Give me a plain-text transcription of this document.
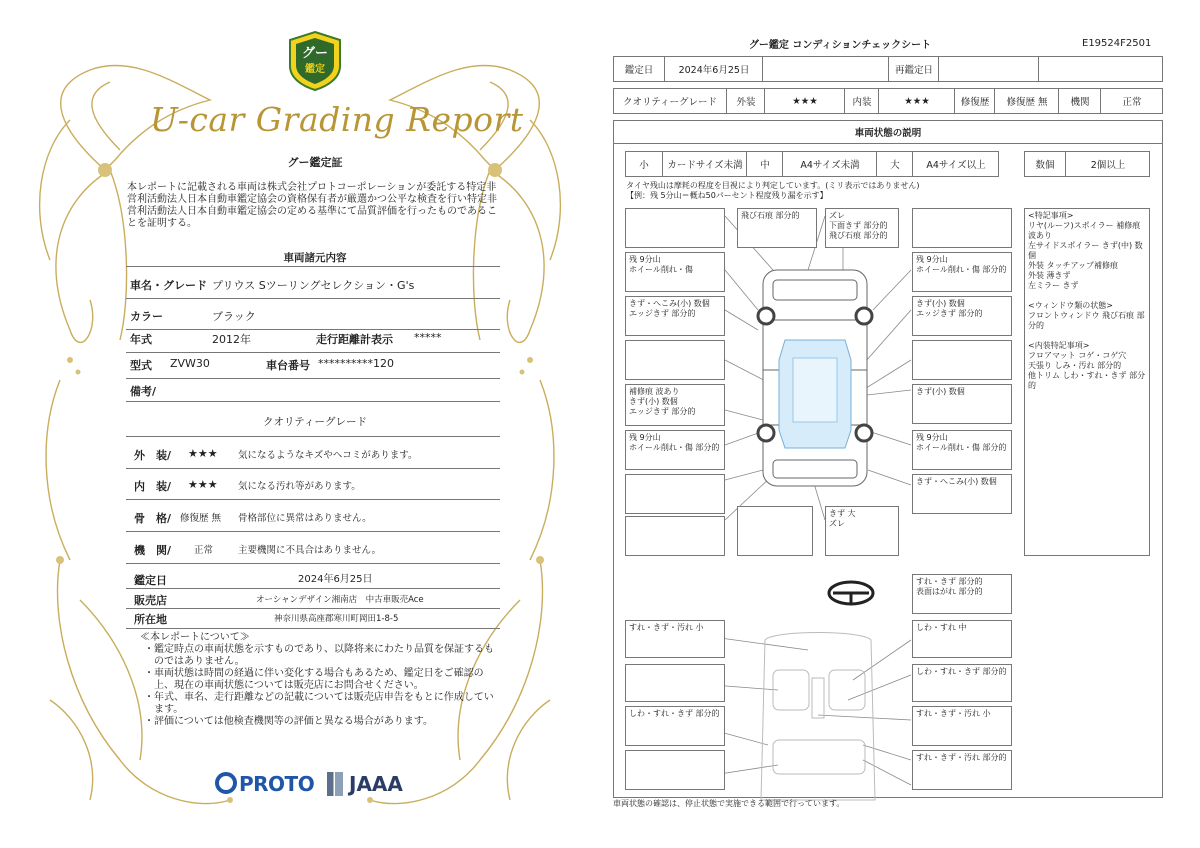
グー
鑑定
U-car Grading Report
グー鑑定証
本レポートに記載される車両は株式会社プロトコーポレーションが委託する特定非営利活動法人日本自動車鑑定協会の資格保有者が厳選かつ公平な検査を行い特定非営利活動法人日本自動車鑑定協会の定める基準にて品質評価を行ったものであることを証明する。
車両諸元内容
車名・グレード プリウス Sツーリングセレクション・G's
カラー	ブラック
年式	2012年	走行距離計表示 *****
型式 ZVW30	車台番号 **********120
備考/
クオリティーグレード
外　装/ ★★★ 気になるようなキズやヘコミがあります。
内　装/ ★★★ 気になる汚れ等があります。
骨　格/ 修復歴 無 骨格部位に異常はありません。
機　関/ 正常	主要機関に不具合はありません。
鑑定日	2024年6月25日
販売店	オーシャンデザイン湘南店　中古車販売Ace
所在地	神奈川県高座郡寒川町岡田1-8-5
≪本レポートについて≫
・鑑定時点の車両状態を示すものであり、以降将来にわたり品質を保証するものではありません。
・車両状態は時間の経過に伴い変化する場合もあるため、鑑定日をご確認の上、現在の車両状態については販売店にお問合せください。
・年式、車名、走行距離などの記載については販売店申告をもとに作成しています。
・評価については他検査機関等の評価と異なる場合があります。
PROTO JAAA
グー鑑定 コンディションチェックシート	E19524F2501
鑑定日	2024年6月25日	再鑑定日
クオリティーグレード	外装	★★★	内装	★★★	修復歴	修復歴 無	機関	正常
車両状態の説明
小	カードサイズ未満	中	A4サイズ未満	大	A4サイズ以上	数個	2個以上
タイヤ残山は摩耗の程度を目視により判定しています。(ミリ表示ではありません)
【例：残 5分山＝概ね50パーセント程度残り漏を示す】
飛び石痕 部分的	ズレ
下面きず 部分的
飛び石痕 部分的
残 9分山
ホイール削れ・傷
きず・へこみ(小) 数個
エッジきず 部分的
補修痕 波あり
きず(小) 数個
エッジきず 部分的
残 9分山
ホイール削れ・傷 部分的
きず 大
ズレ
残 9分山
ホイール削れ・傷 部分的
きず(小) 数個
エッジきず 部分的
きず(小) 数個
残 9分山
ホイール削れ・傷 部分的
きず・へこみ(小) 数個
<特記事項>
リヤ(ルーフ)スポイラー 補修痕
波あり
左サイドスポイラー きず(中) 数個
外装 タッチアップ補修痕
外装 薄きず
左ミラー きず
<ウィンドウ類の状態>
フロントウィンドウ 飛び石痕 部分的
<内装特記事項>
フロアマット コゲ・コゲ穴
天張り しみ・汚れ 部分的
他トリム しわ・すれ・きず 部分的
すれ・きず 部分的
表面はがれ 部分的
すれ・きず・汚れ 小
しわ・すれ・きず 部分的
しわ・すれ 中
しわ・すれ・きず 部分的
すれ・きず・汚れ 小
すれ・きず・汚れ 部分的
車両状態の確認は、停止状態で実施できる範囲で行っています。
